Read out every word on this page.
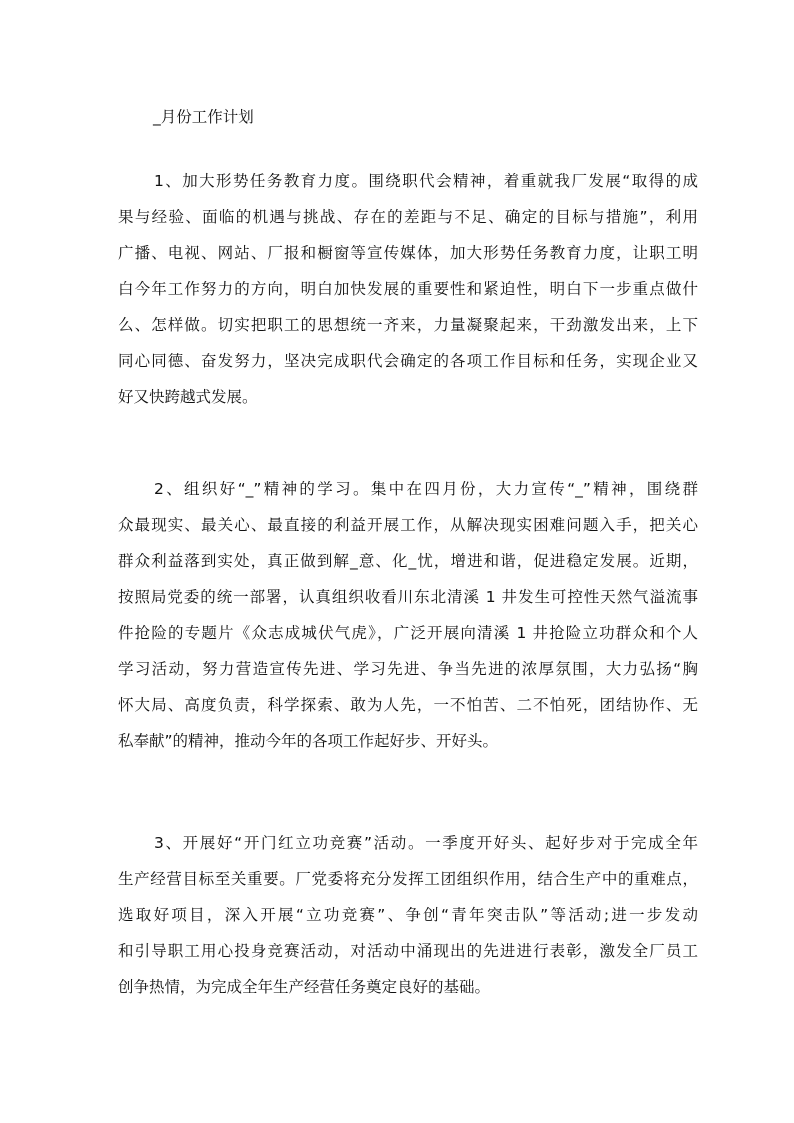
_月份工作计划
1、加大形势任务教育力度。围绕职代会精神，着重就我厂发展“取得的成
果与经验、面临的机遇与挑战、存在的差距与不足、确定的目标与措施”，利用
广播、电视、网站、厂报和橱窗等宣传媒体，加大形势任务教育力度，让职工明
白今年工作努力的方向，明白加快发展的重要性和紧迫性，明白下一步重点做什
么、怎样做。切实把职工的思想统一齐来，力量凝聚起来，干劲激发出来，上下
同心同德、奋发努力，坚决完成职代会确定的各项工作目标和任务，实现企业又
好又快跨越式发展。
2、组织好“_”精神的学习。集中在四月份，大力宣传“_”精神，围绕群
众最现实、最关心、最直接的利益开展工作，从解决现实困难问题入手，把关心
群众利益落到实处，真正做到解_意、化_忧，增进和谐，促进稳定发展。近期，
按照局党委的统一部署，认真组织收看川东北清溪 1 井发生可控性天然气溢流事
件抢险的专题片《众志成城伏气虎》，广泛开展向清溪 1 井抢险立功群众和个人
学习活动，努力营造宣传先进、学习先进、争当先进的浓厚氛围，大力弘扬“胸
怀大局、高度负责，科学探索、敢为人先，一不怕苦、二不怕死，团结协作、无
私奉献”的精神，推动今年的各项工作起好步、开好头。
3、开展好“开门红立功竞赛”活动。一季度开好头、起好步对于完成全年
生产经营目标至关重要。厂党委将充分发挥工团组织作用，结合生产中的重难点，
选取好项目，深入开展“立功竞赛”、争创“青年突击队”等活动;进一步发动
和引导职工用心投身竞赛活动，对活动中涌现出的先进进行表彰，激发全厂员工
创争热情，为完成全年生产经营任务奠定良好的基础。
